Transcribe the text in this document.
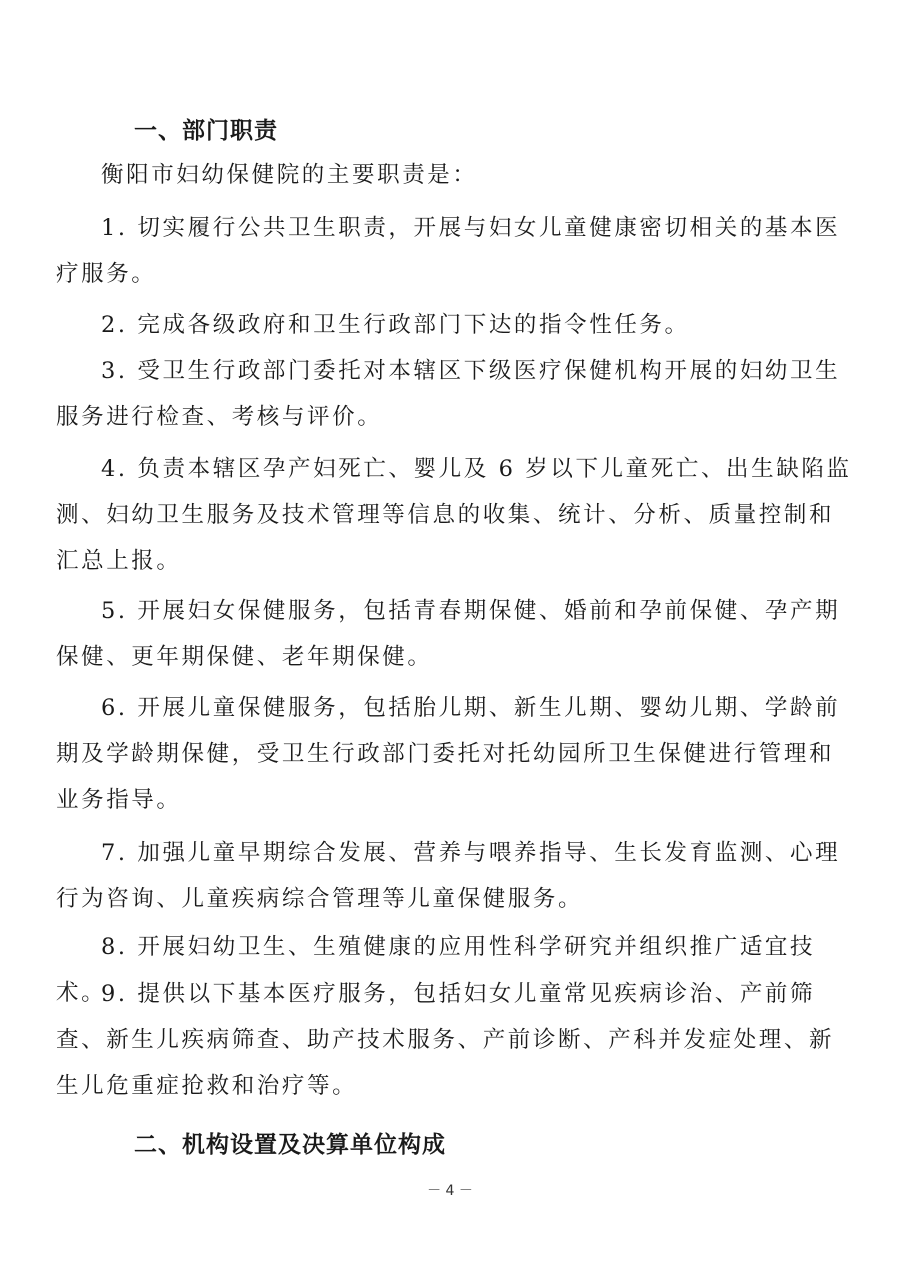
一、部门职责

衡阳市妇幼保健院的主要职责是：

1. 切实履行公共卫生职责，开展与妇女儿童健康密切相关的基本医疗服务。

2. 完成各级政府和卫生行政部门下达的指令性任务。

3. 受卫生行政部门委托对本辖区下级医疗保健机构开展的妇幼卫生服务进行检查、考核与评价。

4. 负责本辖区孕产妇死亡、婴儿及 6 岁以下儿童死亡、出生缺陷监测、妇幼卫生服务及技术管理等信息的收集、统计、分析、质量控制和汇总上报。

5. 开展妇女保健服务，包括青春期保健、婚前和孕前保健、孕产期保健、更年期保健、老年期保健。

6. 开展儿童保健服务，包括胎儿期、新生儿期、婴幼儿期、学龄前期及学龄期保健，受卫生行政部门委托对托幼园所卫生保健进行管理和业务指导。

7. 加强儿童早期综合发展、营养与喂养指导、生长发育监测、心理行为咨询、儿童疾病综合管理等儿童保健服务。

8. 开展妇幼卫生、生殖健康的应用性科学研究并组织推广适宜技术。

9. 提供以下基本医疗服务，包括妇女儿童常见疾病诊治、产前筛查、新生儿疾病筛查、助产技术服务、产前诊断、产科并发症处理、新生儿危重症抢救和治疗等。

二、机构设置及决算单位构成
－ 4 －
